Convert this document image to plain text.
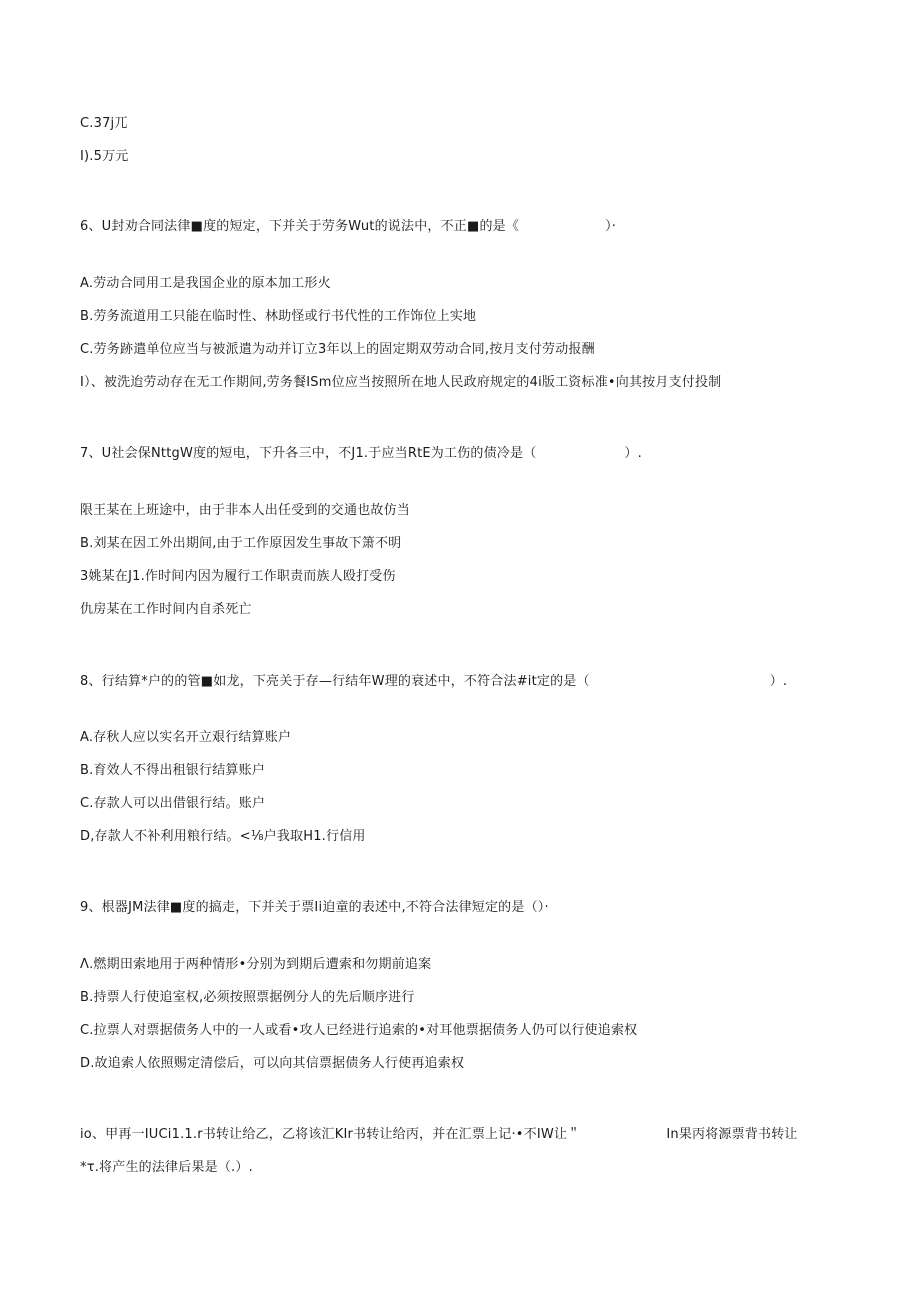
C.37j兀
I).5万元
6、U封劝合同法律■度的短定，下并关于劳务Wut的说法中，不正■的是《	）·
A.劳动合同用工是我国企业的原本加工形火
B.劳务流道用工只能在临时性、林助怪或行书代性的工作饰位上实地
C.劳务跡遣单位应当与被派遣为动并订立3年以上的固定期双劳动合同,按月支付劳动报酬
I）、被洗迨劳动存在无工作期间,劳务餐ISm位应当按照所在地人民政府规定的4i版工资标准•向其按月支付投制
7、U社会保NttgW度的短电，下升各三中，不J1.于应当RtE为工伤的债冷是（	）.
限王某在上班途中，由于非本人出任受到的交通也故仿当
B.刘某在因工外出期间,由于工作原因发生事故下箫不明
3姚某在J1.作时间内因为履行工作职责而族人殴打受伤
仇房某在工作时间内自杀死亡
8、行结算*户的的管■如龙，下亮关于存—行结年W理的衰述中，不符合法#it定的是（	）.
A.存秋人应以实名开立艰行结算账户
B.育效人不得出租银行结算账户
C.存款人可以出借银行结。账户
D,存款人不补利用粮行结。<⅛户我取H1.行信用
9、根器JM法律■度的搞走，下并关于票Ii迫童的表述中,不符合法律短定的是（）·
Λ.燃期田索地用于两种情形•分别为到期后遭索和勿期前追案
B.持票人行使追室权,必须按照票据例分人的先后顺序进行
C.拉票人对票据债务人中的一人或看•攻人已经进行追索的•对耳他票据债务人仍可以行使追索权
D.故追索人依照赐定清偿后，可以向其信票据债务人行使再追索权
io、甲再一IUCi1.1.r书转让给乙，乙将该汇KIr书转让给丙，并在汇票上记·•不IW让＂	In果丙将源票背书转让
*τ.将产生的法律后果是（.）.
